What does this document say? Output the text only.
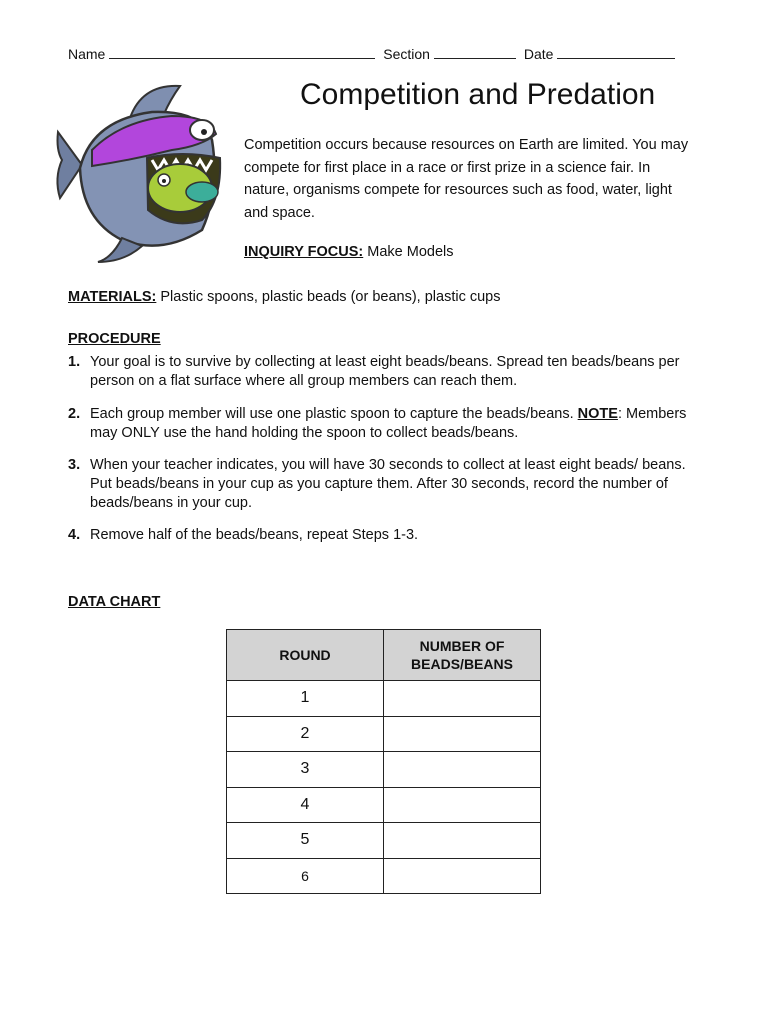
Name	Section	Date
Competition and Predation
Competition occurs because resources on Earth are limited. You may compete for first place in a race or first prize in a science fair. In nature, organisms compete for resources such as food, water, light and space.
INQUIRY FOCUS: Make Models
MATERIALS: Plastic spoons, plastic beads (or beans), plastic cups
PROCEDURE
1. Your goal is to survive by collecting at least eight beads/beans. Spread ten beads/beans per person on a flat surface where all group members can reach them.
2. Each group member will use one plastic spoon to capture the beads/beans. NOTE: Members may ONLY use the hand holding the spoon to collect beads/beans.
3. When your teacher indicates, you will have 30 seconds to collect at least eight beads/ beans. Put beads/beans in your cup as you capture them. After 30 seconds, record the number of beads/beans in your cup.
4. Remove half of the beads/beans, repeat Steps 1-3.
DATA CHART
ROUND	NUMBER OF
BEADS/BEANS
1	
2	
3	
4	
5	
6	
